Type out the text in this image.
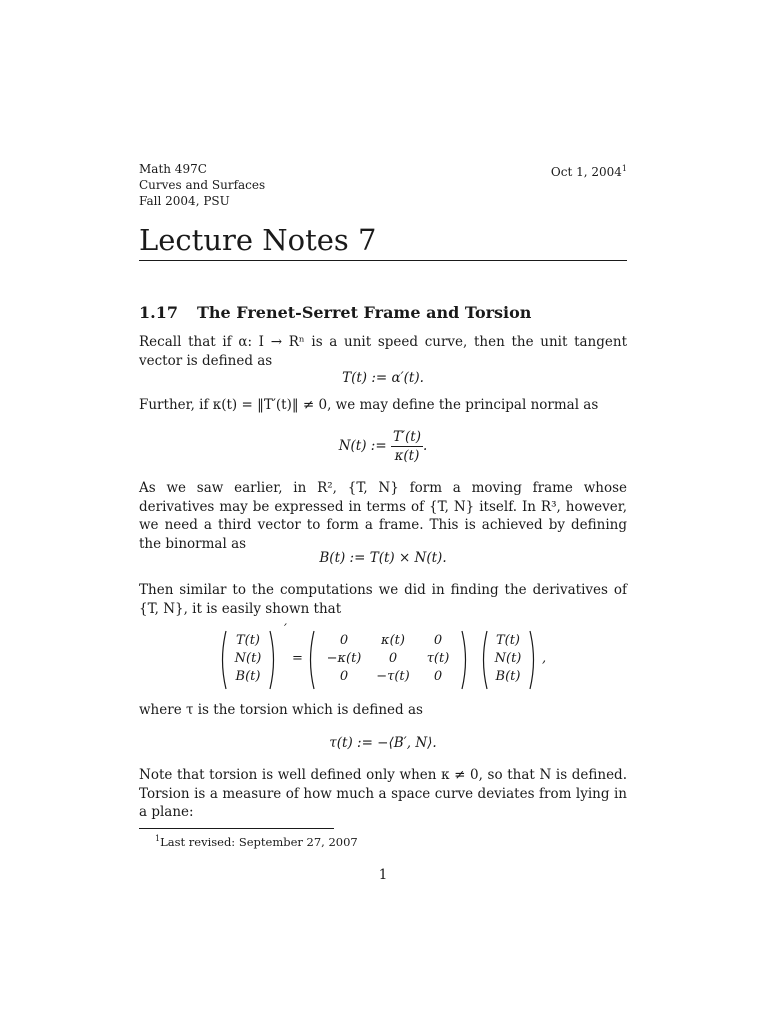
Math 497C
Curves and Surfaces
Fall 2004, PSU
Oct 1, 2004$^1$
Lecture Notes 7
1.17 The Frenet-Serret Frame and Torsion
Recall that if α: I → Rⁿ is a unit speed curve, then the unit tangent vector is defined as
T(t) := α′(t).
Further, if κ(t) = ‖T′(t)‖ ≠ 0, we may define the principal normal as
N(t) := $\frac{T'(t)}{\kappa(t)}$ .
As we saw earlier, in R², {T, N} form a moving frame whose derivatives may be expressed in terms of {T, N} itself. In R³, however, we need a third vector to form a frame. This is achieved by defining the binormal as
B(t) := T(t) × N(t).
Then similar to the computations we did in finding the derivatives of {T, N}, it is easily shown that
T(t)
N(t)
B(t)
′
=
0	κ(t)	0
−κ(t)	0	τ(t)
0	−τ(t)	0
T(t)
N(t)
B(t)
,
where τ is the torsion which is defined as
τ(t) := −⟨B′, N⟩.
Note that torsion is well defined only when κ ≠ 0, so that N is defined. Torsion is a measure of how much a space curve deviates from lying in a plane:
$^1$Last revised: September 27, 2007
1
